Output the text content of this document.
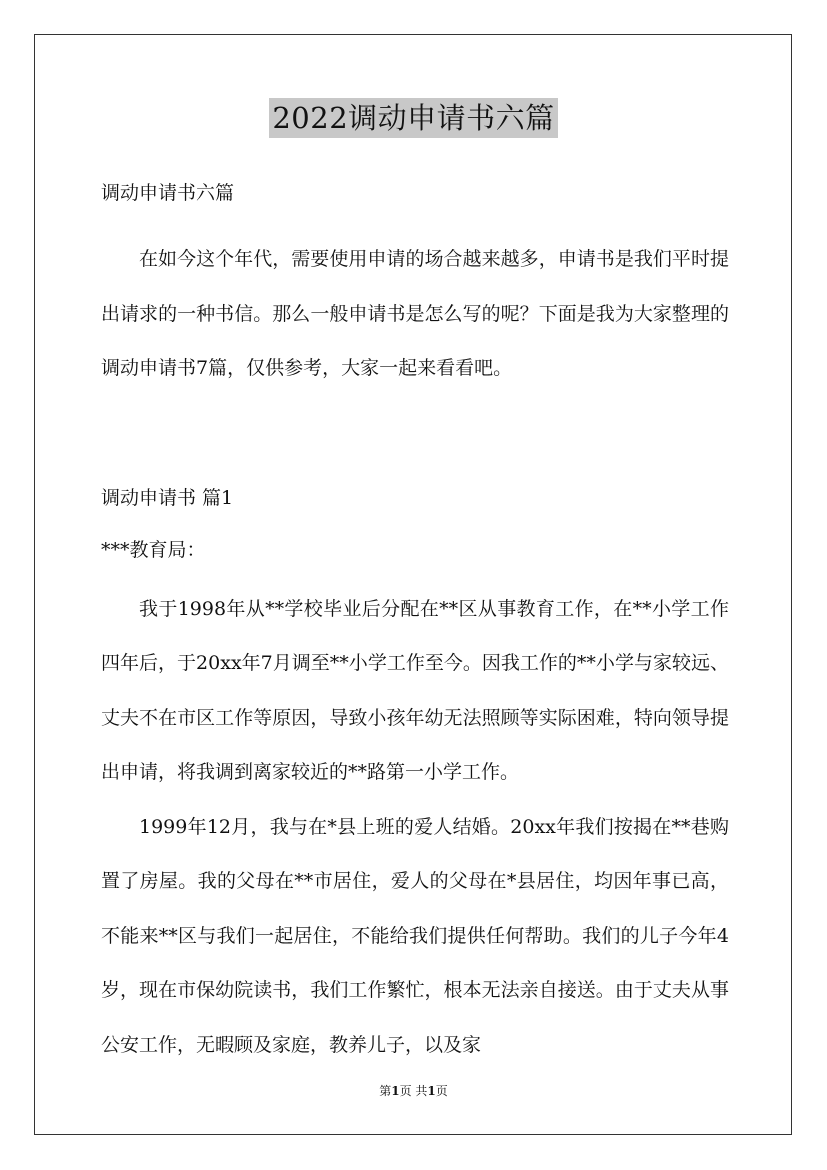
2022调动申请书六篇
调动申请书六篇

在如今这个年代，需要使用申请的场合越来越多，申请书是我们平时提出请求的一种书信。那么一般申请书是怎么写的呢？下面是我为大家整理的调动申请书7篇，仅供参考，大家一起来看看吧。

调动申请书 篇1
***教育局：

我于1998年从**学校毕业后分配在**区从事教育工作，在**小学工作四年后，于20xx年7月调至**小学工作至今。因我工作的**小学与家较远、丈夫不在市区工作等原因，导致小孩年幼无法照顾等实际困难，特向领导提出申请，将我调到离家较近的**路第一小学工作。

1999年12月，我与在*县上班的爱人结婚。20xx年我们按揭在**巷购置了房屋。我的父母在**市居住，爱人的父母在*县居住，均因年事已高，不能来**区与我们一起居住，不能给我们提供任何帮助。我们的儿子今年4岁，现在市保幼院读书，我们工作繁忙，根本无法亲自接送。由于丈夫从事公安工作，无暇顾及家庭，教养儿子，以及家

第1页 共1页
